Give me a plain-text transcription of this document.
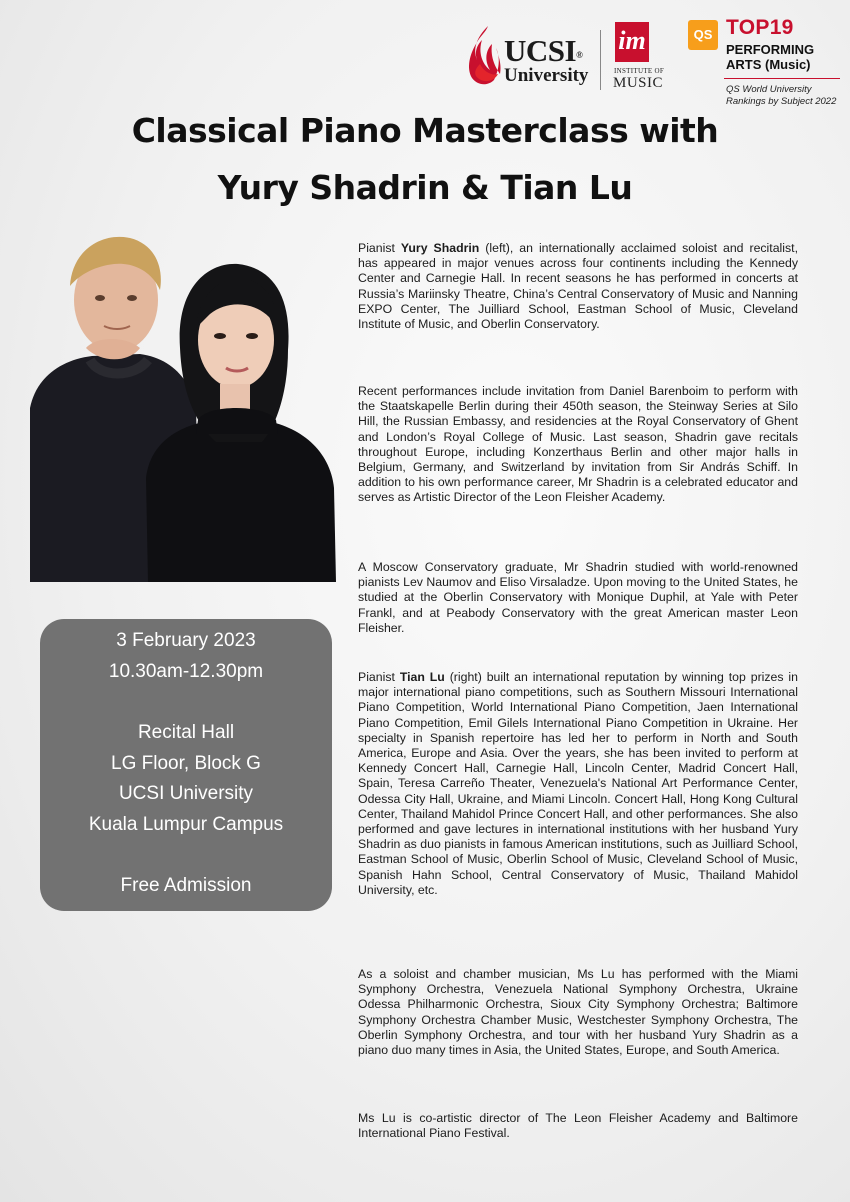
UCSI®
University
im
INSTITUTE OF
MUSIC
QS TOP19
PERFORMING
ARTS (Music)
QS World University
Rankings by Subject 2022
Classical Piano Masterclass with
Yury Shadrin & Tian Lu
3 February 2023
10.30am-12.30pm
Recital Hall
LG Floor, Block G
UCSI University
Kuala Lumpur Campus
Free Admission
Pianist Yury Shadrin (left), an internationally acclaimed soloist and recitalist, has appeared in major venues across four continents including the Kennedy Center and Carnegie Hall. In recent seasons he has performed in concerts at Russia’s Mariinsky Theatre, China’s Central Conservatory of Music and Nanning EXPO Center, The Juilliard School, Eastman School of Music, Cleveland Institute of Music, and Oberlin Conservatory.
Recent performances include invitation from Daniel Barenboim to perform with the Staatskapelle Berlin during their 450th season, the Steinway Series at Silo Hill, the Russian Embassy, and residencies at the Royal Conservatory of Ghent and London’s Royal College of Music. Last season, Shadrin gave recitals throughout Europe, including Konzerthaus Berlin and other major halls in Belgium, Germany, and Switzerland by invitation from Sir András Schiff. In addition to his own performance career, Mr Shadrin is a celebrated educator and serves as Artistic Director of the Leon Fleisher Academy.
A Moscow Conservatory graduate, Mr Shadrin studied with world-renowned pianists Lev Naumov and Eliso Virsaladze. Upon moving to the United States, he studied at the Oberlin Conservatory with Monique Duphil, at Yale with Peter Frankl, and at Peabody Conservatory with the great American master Leon Fleisher.
Pianist Tian Lu (right) built an international reputation by winning top prizes in major international piano competitions, such as Southern Missouri International Piano Competition, World International Piano Competition, Jaen International Piano Competition, Emil Gilels International Piano Competition in Ukraine. Her specialty in Spanish repertoire has led her to perform in North and South America, Europe and Asia. Over the years, she has been invited to perform at Kennedy Concert Hall, Carnegie Hall, Lincoln Center, Madrid Concert Hall, Spain, Teresa Carreño Theater, Venezuela's National Art Performance Center, Odessa City Hall, Ukraine, and Miami Lincoln. Concert Hall, Hong Kong Cultural Center, Thailand Mahidol Prince Concert Hall, and other performances. She also performed and gave lectures in international institutions with her husband Yury Shadrin as duo pianists in famous American institutions, such as Juilliard School, Eastman School of Music, Oberlin School of Music, Cleveland School of Music, Spanish Hahn School, Central Conservatory of Music, Thailand Mahidol University, etc.
As a soloist and chamber musician, Ms Lu has performed with the Miami Symphony Orchestra, Venezuela National Symphony Orchestra, Ukraine Odessa Philharmonic Orchestra, Sioux City Symphony Orchestra; Baltimore Symphony Orchestra Chamber Music, Westchester Symphony Orchestra, The Oberlin Symphony Orchestra, and tour with her husband Yury Shadrin as a piano duo many times in Asia, the United States, Europe, and South America.
Ms Lu is co-artistic director of The Leon Fleisher Academy and Baltimore International Piano Festival.
